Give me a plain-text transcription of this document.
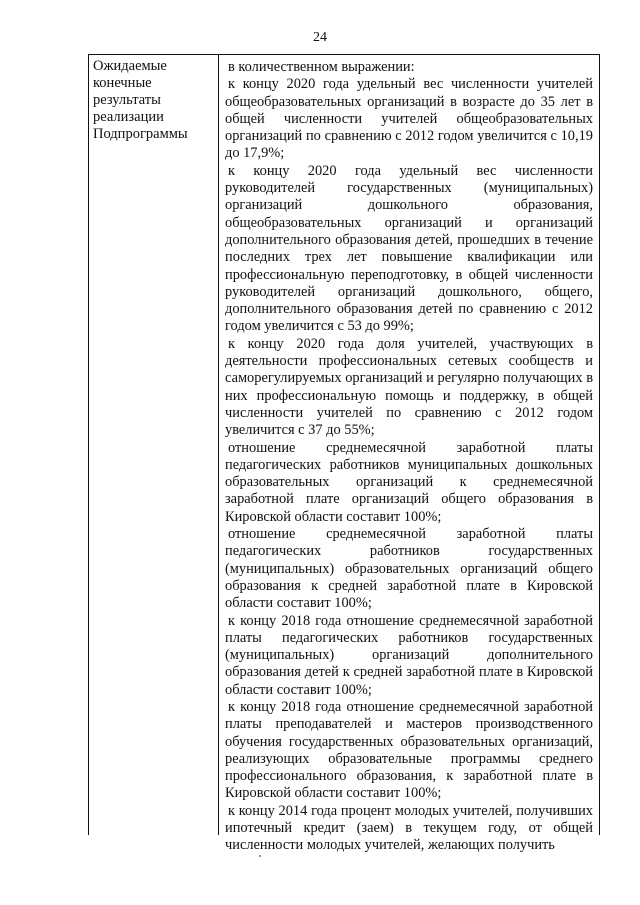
24
Ожидаемые
конечные
результаты
реализации
Подпрограммы

в количественном выражении:

к концу 2020 года удельный вес численности учителей общеобразовательных организаций в возрасте до 35 лет в общей численности учителей общеобразовательных организаций по сравнению с 2012 годом увеличится с 10,19 до 17,9%;

к концу 2020 года удельный вес численности руководителей государственных (муниципальных) организаций дошкольного образования, общеобразовательных организаций и организаций дополнительного образования детей, прошедших в течение последних трех лет повышение квалификации или профессиональную переподготовку, в общей численности руководителей организаций дошкольного, общего, дополнительного образования детей по сравнению с 2012 годом увеличится с 53 до 99%;

к концу 2020 года доля учителей, участвующих в деятельности профессиональных сетевых сообществ и саморегулируемых организаций и регулярно получающих в них профессиональную помощь и поддержку, в общей численности учителей по сравнению с 2012 годом увеличится с 37 до 55%;

отношение среднемесячной заработной платы педагогических работников муниципальных дошкольных образовательных организаций к среднемесячной заработной плате организаций общего образования в Кировской области составит 100%;

отношение среднемесячной заработной платы педагогических работников государственных (муниципальных) образовательных организаций общего образования к средней заработной плате в Кировской области составит 100%;

к концу 2018 года отношение среднемесячной заработной платы педагогических работников государственных (муниципальных) организаций дополнительного образования детей к средней заработной плате в Кировской области составит 100%;

к концу 2018 года отношение среднемесячной заработной платы преподавателей и мастеров производственного обучения государственных образовательных организаций, реализующих образовательные программы среднего профессионального образования, к заработной плате в Кировской области составит 100%;

к концу 2014 года процент молодых учителей, получивших ипотечный кредит (заем) в текущем году, от общей численности молодых учителей, желающих получить
